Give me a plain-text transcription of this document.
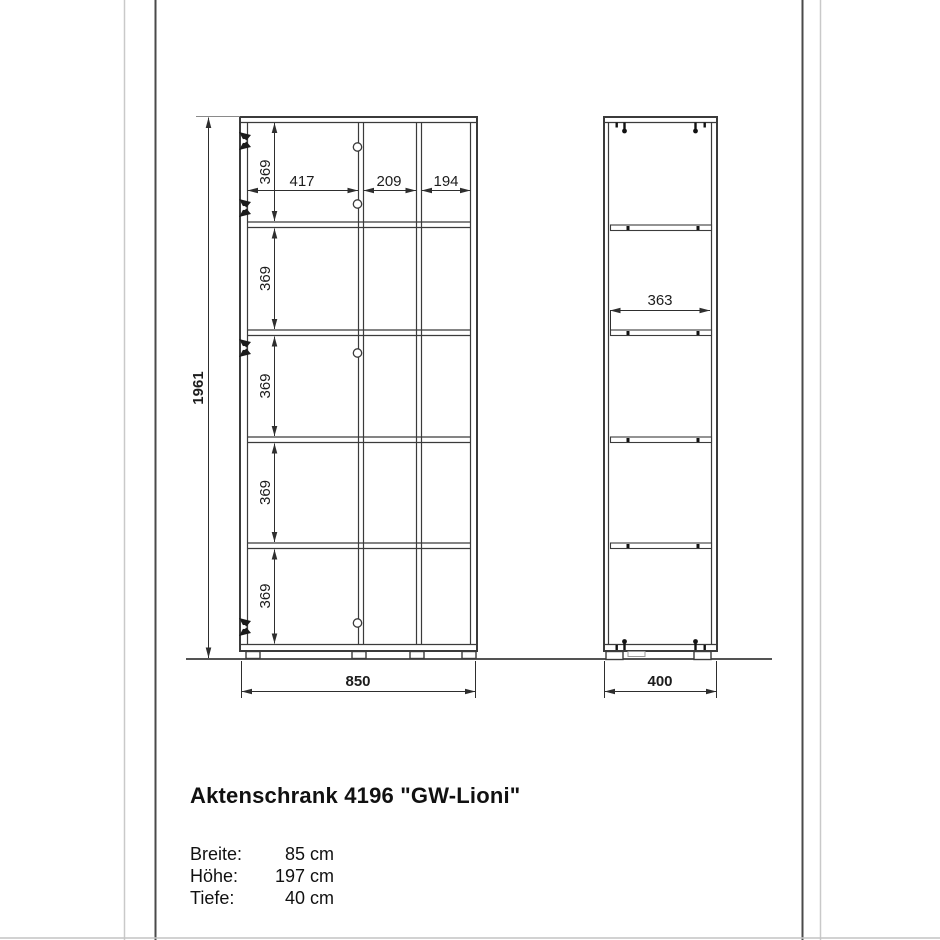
417	209 194
369
369
369
369
369
1961
850
363
400
Aktenschrank 4196 "GW-Lioni"
Breite:	85 cm
Höhe:	197 cm
Tiefe:	40 cm
